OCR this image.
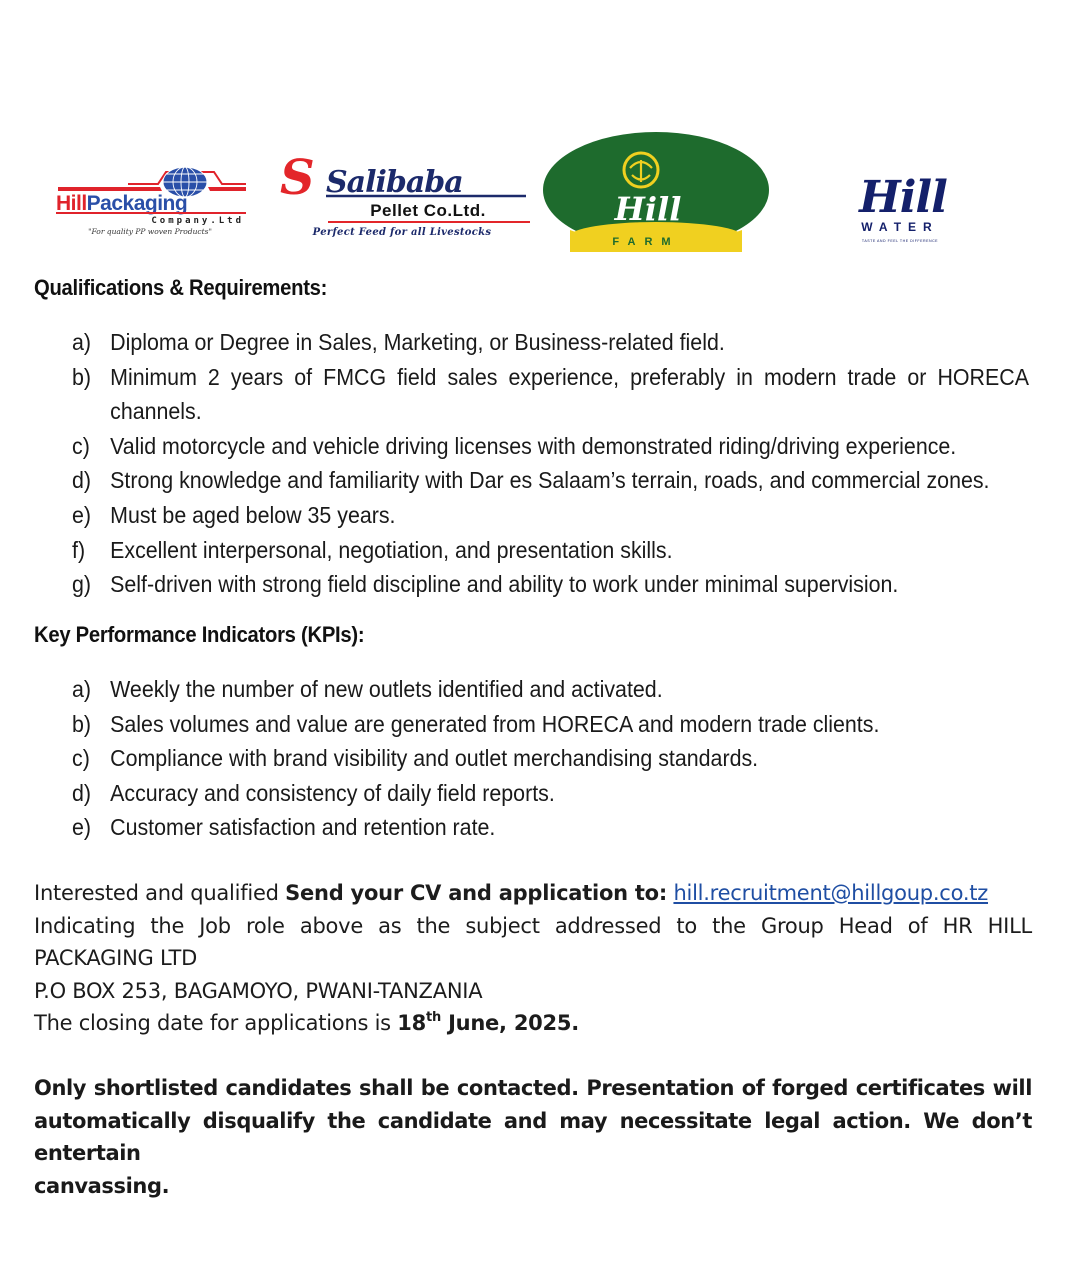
HillPackaging
Company.Ltd
"For quality PP woven Products"
S Salibaba
Pellet Co.Ltd.
Perfect Feed for all Livestocks
Hill
FARM
Hill
WATER
TASTE AND FEEL THE DIFFERENCE
Qualifications & Requirements:
a) Diploma or Degree in Sales, Marketing, or Business-related field.
b) Minimum 2 years of FMCG field sales experience, preferably in modern trade or HORECA channels.
c) Valid motorcycle and vehicle driving licenses with demonstrated riding/driving experience.
d) Strong knowledge and familiarity with Dar es Salaam’s terrain, roads, and commercial zones.
e) Must be aged below 35 years.
f) Excellent interpersonal, negotiation, and presentation skills.
g) Self-driven with strong field discipline and ability to work under minimal supervision.
Key Performance Indicators (KPIs):
a) Weekly the number of new outlets identified and activated.
b) Sales volumes and value are generated from HORECA and modern trade clients.
c) Compliance with brand visibility and outlet merchandising standards.
d) Accuracy and consistency of daily field reports.
e) Customer satisfaction and retention rate.
Interested and qualified Send your CV and application to: hill.recruitment@hillgoup.co.tz
Indicating the Job role above as the subject addressed to the Group Head of HR HILL
PACKAGING LTD
P.O BOX 253, BAGAMOYO, PWANI-TANZANIA
The closing date for applications is 18th June, 2025.
Only shortlisted candidates shall be contacted. Presentation of forged certificates will
automatically disqualify the candidate and may necessitate legal action. We don’t entertain
canvassing.
